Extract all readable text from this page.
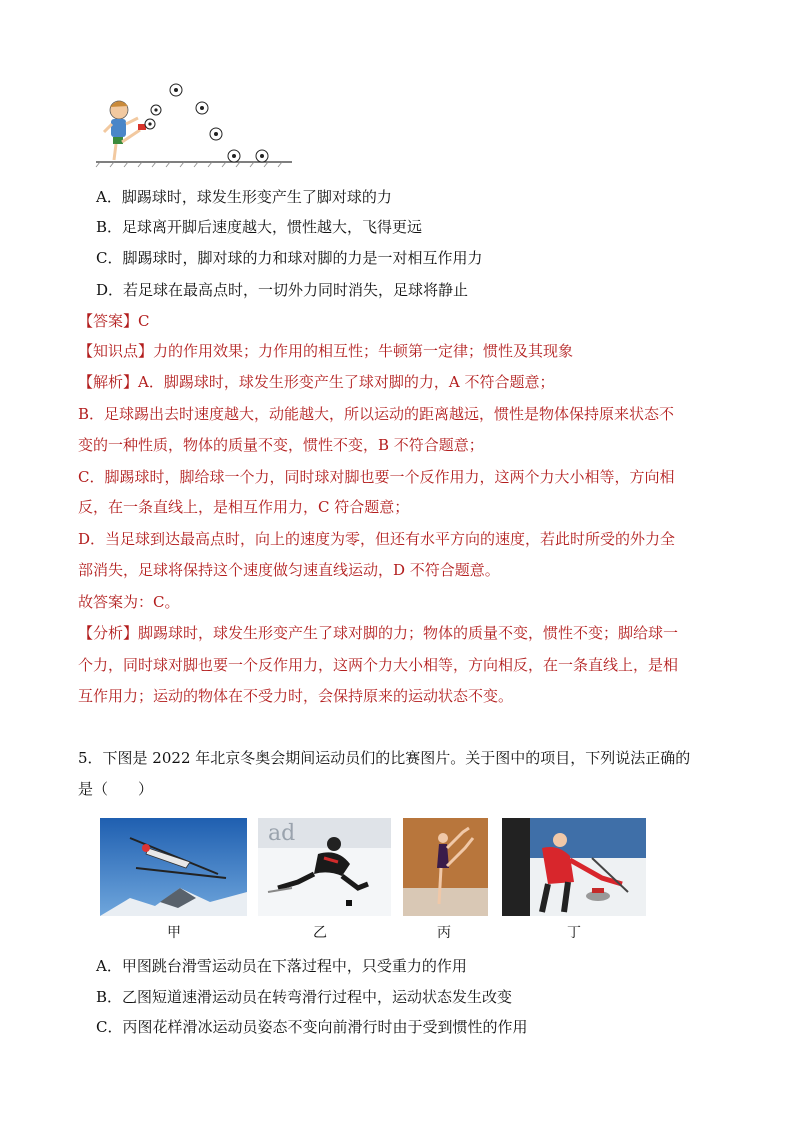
A．脚踢球时，球发生形变产生了脚对球的力
B．足球离开脚后速度越大，惯性越大，飞得更远
C．脚踢球时，脚对球的力和球对脚的力是一对相互作用力
D．若足球在最高点时，一切外力同时消失，足球将静止
【答案】C
【知识点】力的作用效果；力作用的相互性；牛顿第一定律；惯性及其现象
【解析】A．脚踢球时，球发生形变产生了球对脚的力，A 不符合题意；
B．足球踢出去时速度越大，动能越大，所以运动的距离越远，惯性是物体保持原来状态不
变的一种性质，物体的质量不变，惯性不变，B 不符合题意；
C．脚踢球时，脚给球一个力，同时球对脚也要一个反作用力，这两个力大小相等，方向相
反，在一条直线上，是相互作用力，C 符合题意；
D．当足球到达最高点时，向上的速度为零，但还有水平方向的速度，若此时所受的外力全
部消失，足球将保持这个速度做匀速直线运动，D 不符合题意。
故答案为：C。
【分析】脚踢球时，球发生形变产生了球对脚的力；物体的质量不变，惯性不变；脚给球一
个力，同时球对脚也要一个反作用力，这两个力大小相等，方向相反，在一条直线上，是相
互作用力；运动的物体在不受力时，会保持原来的运动状态不变。
5．下图是 2022 年北京冬奥会期间运动员们的比赛图片。关于图中的项目，下列说法正确的
是（　　）
ad
甲	乙	丙	丁
A．甲图跳台滑雪运动员在下落过程中，只受重力的作用
B．乙图短道速滑运动员在转弯滑行过程中，运动状态发生改变
C．丙图花样滑冰运动员姿态不变向前滑行时由于受到惯性的作用
